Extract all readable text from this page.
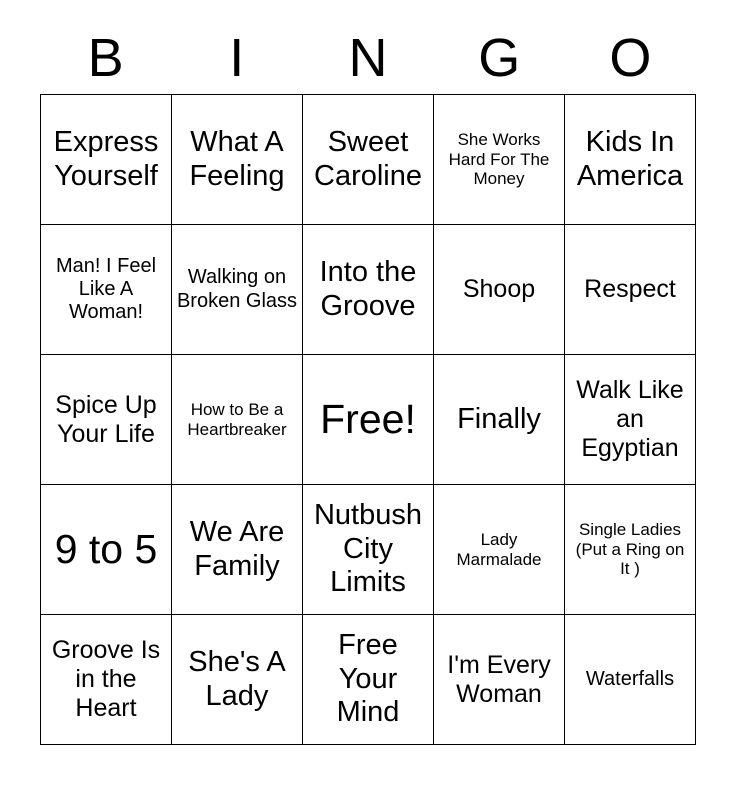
B	I	N	G	O
Express Yourself	What A Feeling	Sweet Caroline	She Works Hard For The Money	Kids In America

Man! I Feel Like A Woman!	Walking on Broken Glass	Into the Groove	Shoop	Respect

Spice Up Your Life	How to Be a Heartbreaker	Free!	Finally	Walk Like an Egyptian

9 to 5	We Are Family	Nutbush City Limits	Lady Marmalade	Single Ladies (Put a Ring on It )

Groove Is in the Heart	She's A Lady	Free Your Mind	I'm Every Woman	Waterfalls
